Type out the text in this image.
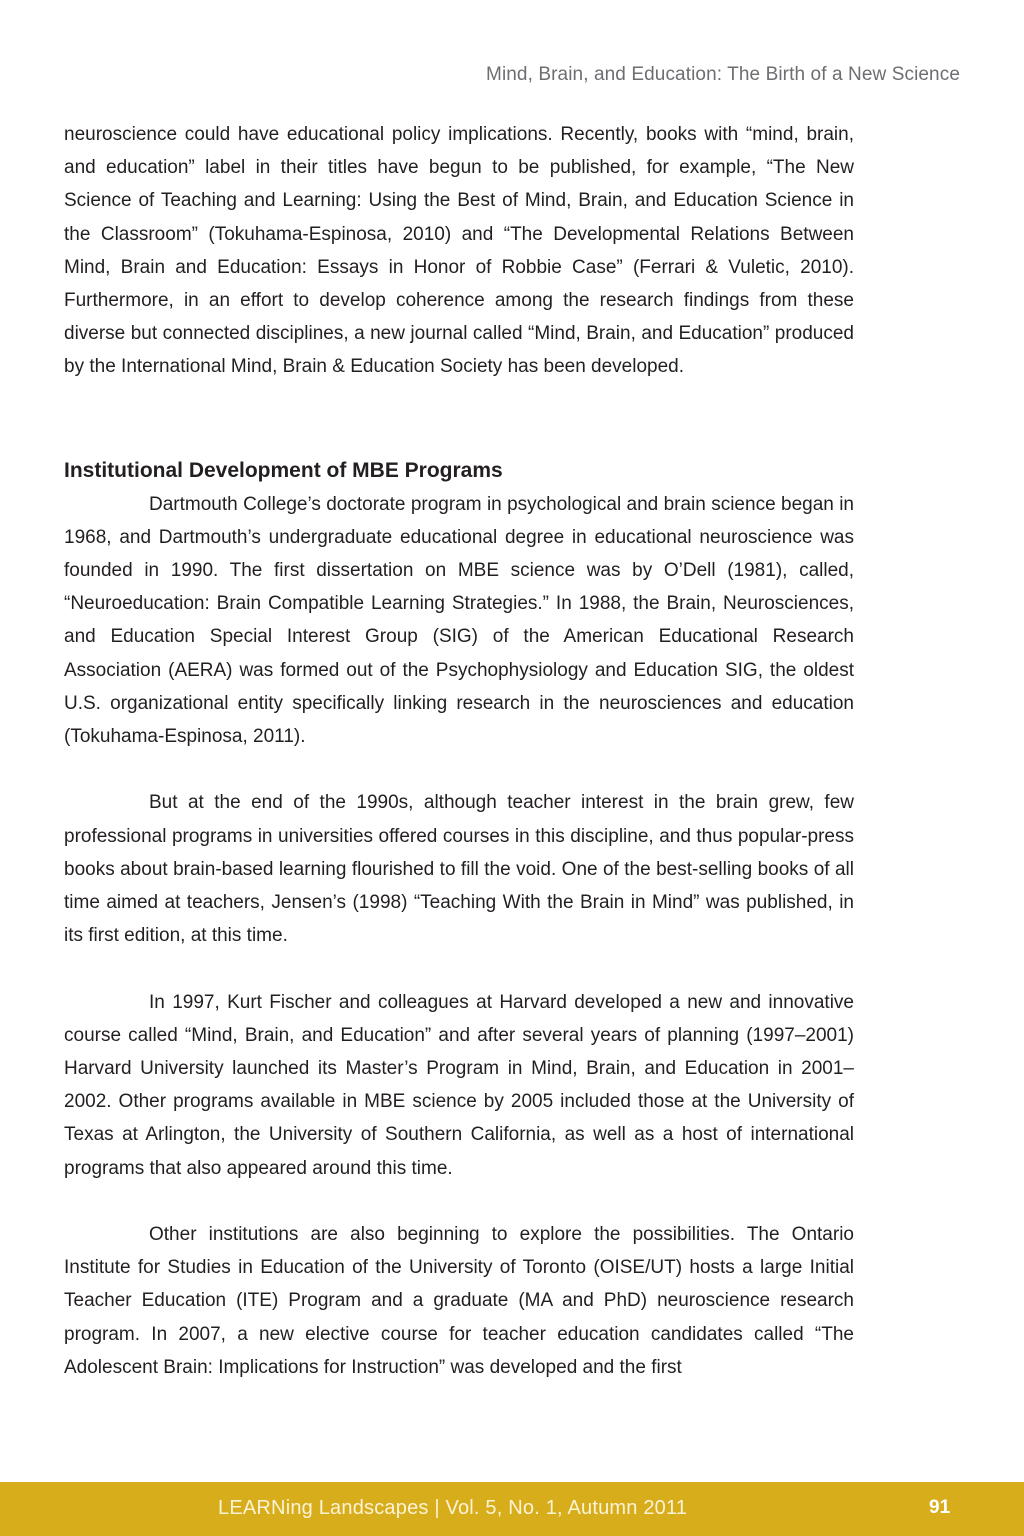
Mind, Brain, and Education: The Birth of a New Science

neuroscience could have educational policy implications. Recently, books with “mind, brain, and education” label in their titles have begun to be published, for example, “The New Science of Teaching and Learning: Using the Best of Mind, Brain, and Education Science in the Classroom” (Tokuhama-Espinosa, 2010) and “The Developmental Relations Between Mind, Brain and Education: Essays in Honor of Robbie Case” (Ferrari & Vuletic, 2010). Furthermore, in an effort to develop coherence among the research findings from these diverse but connected disciplines, a new journal called “Mind, Brain, and Education” produced by the International Mind, Brain & Education Society has been developed.

Institutional Development of MBE Programs

Dartmouth College’s doctorate program in psychological and brain science began in 1968, and Dartmouth’s undergraduate educational degree in educational neuroscience was founded in 1990. The first dissertation on MBE science was by O’Dell (1981), called, “Neuroeducation: Brain Compatible Learning Strategies.” In 1988, the Brain, Neurosciences, and Education Special Interest Group (SIG) of the American Educational Research Association (AERA) was formed out of the Psychophysiology and Education SIG, the oldest U.S. organizational entity specifically linking research in the neurosciences and education (Tokuhama-Espinosa, 2011).

But at the end of the 1990s, although teacher interest in the brain grew, few professional programs in universities offered courses in this discipline, and thus popular-press books about brain-based learning flourished to fill the void. One of the best-selling books of all time aimed at teachers, Jensen’s (1998) “Teaching With the Brain in Mind” was published, in its first edition, at this time.

In 1997, Kurt Fischer and colleagues at Harvard developed a new and innovative course called “Mind, Brain, and Education” and after several years of planning (1997–2001) Harvard University launched its Master’s Program in Mind, Brain, and Education in 2001–2002. Other programs available in MBE science by 2005 included those at the University of Texas at Arlington, the University of Southern California, as well as a host of international programs that also appeared around this time.

Other institutions are also beginning to explore the possibilities. The Ontario Institute for Studies in Education of the University of Toronto (OISE/UT) hosts a large Initial Teacher Education (ITE) Program and a graduate (MA and PhD) neuroscience research program. In 2007, a new elective course for teacher education candidates called “The Adolescent Brain: Implications for Instruction” was developed and the first

LEARNing Landscapes | Vol. 5, No. 1, Autumn 2011	91
